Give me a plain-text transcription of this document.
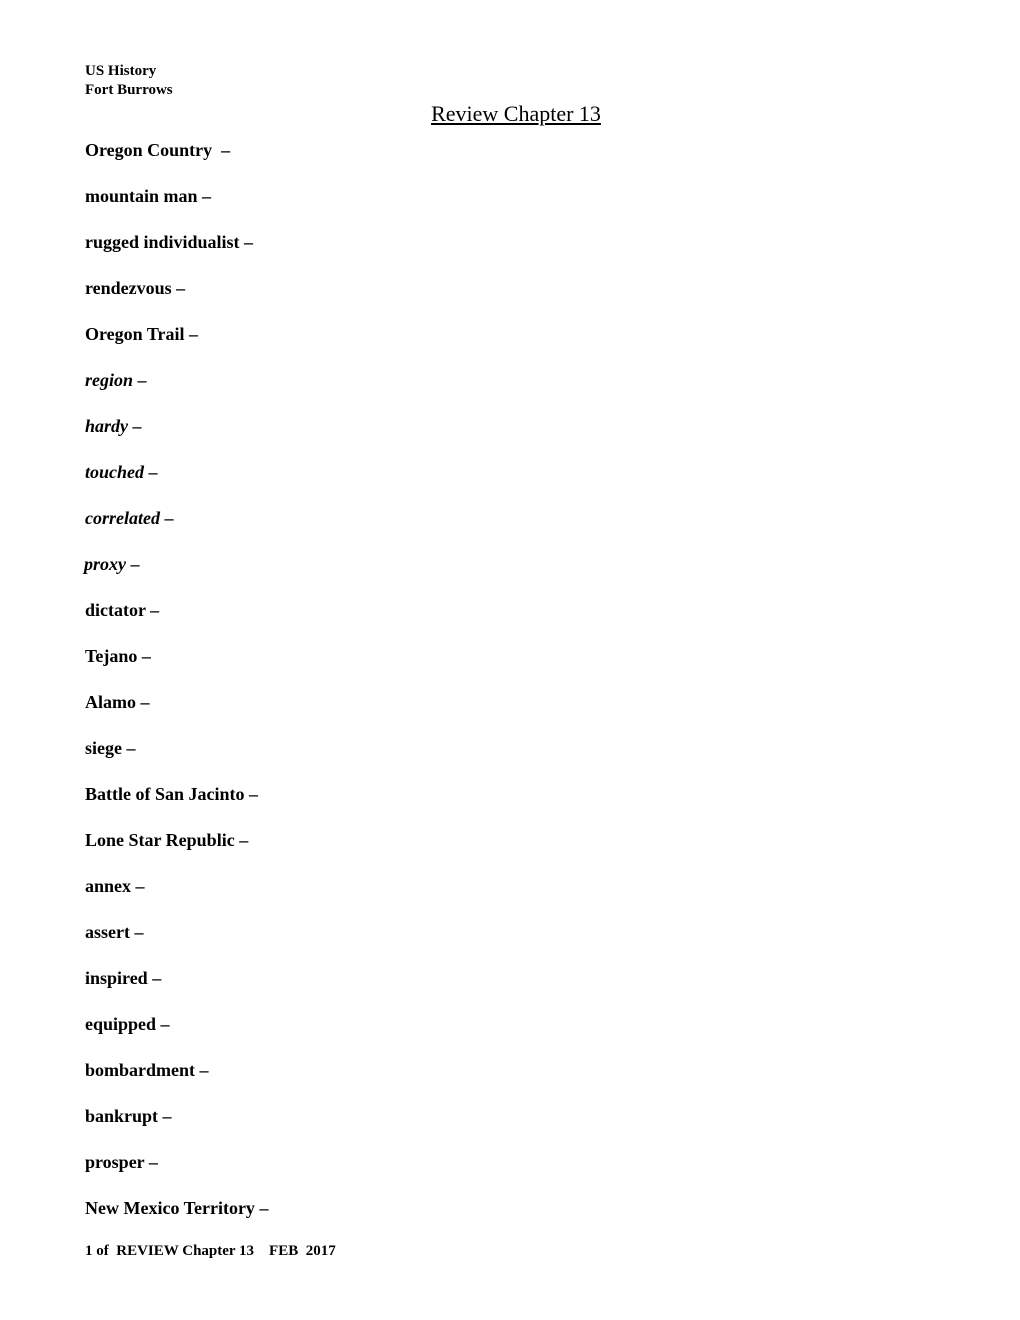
US History
Fort Burrows
Review Chapter 13
Oregon Country  –
mountain man –
rugged individualist –
rendezvous –
Oregon Trail –
region –
hardy –
touched –
correlated –
proxy –
dictator –
Tejano –
Alamo –
siege –
Battle of San Jacinto –
Lone Star Republic –
annex –
assert –
inspired –
equipped –
bombardment –
bankrupt –
prosper –
New Mexico Territory –
1 of  REVIEW Chapter 13    FEB  2017
